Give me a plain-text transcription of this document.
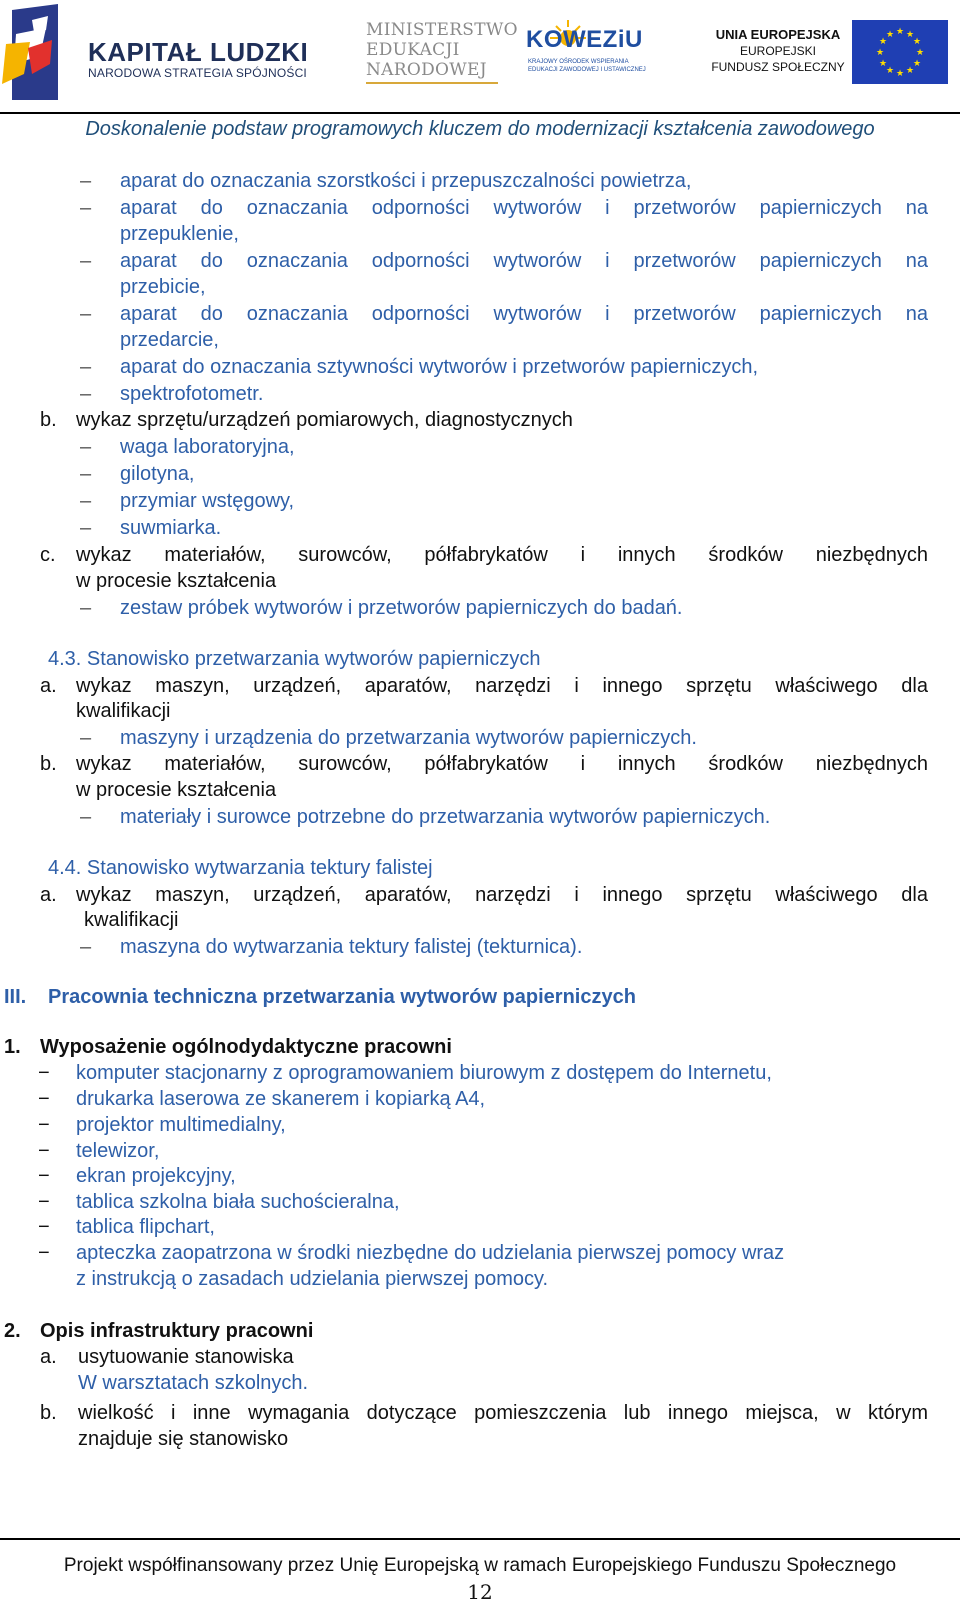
KAPITAŁ LUDZKI
NARODOWA STRATEGIA SPÓJNOŚCI
MINISTERSTWO
EDUKACJI
NARODOWEJ
KOWEZiU
KRAJOWY OŚRODEK WSPIERANIA EDUKACJI ZAWODOWEJ I USTAWICZNEJ
UNIA EUROPEJSKA
EUROPEJSKI
FUNDUSZ SPOŁECZNY
★ ★
★
★
★
★
★
★
★
★
★
★
Doskonalenie podstaw programowych kluczem do modernizacji kształcenia zawodowego
– aparat do oznaczania szorstkości i przepuszczalności powietrza,
– aparat do oznaczania odporności wytworów i przetworów papierniczych na
przepuklenie,
– aparat do oznaczania odporności wytworów i przetworów papierniczych na
przebicie,
– aparat do oznaczania odporności wytworów i przetworów papierniczych na
przedarcie,
– aparat do oznaczania sztywności wytworów i przetworów papierniczych,
– spektrofotometr.
b. wykaz sprzętu/urządzeń pomiarowych, diagnostycznych
– waga laboratoryjna,
– gilotyna,
– przymiar wstęgowy,
– suwmiarka.
c. wykaz materiałów, surowców, półfabrykatów i innych środków niezbędnych
w procesie kształcenia
– zestaw próbek wytworów i przetworów papierniczych do badań.
4.3. Stanowisko przetwarzania wytworów papierniczych
a. wykaz maszyn, urządzeń, aparatów, narzędzi i innego sprzętu właściwego dla
kwalifikacji
– maszyny i urządzenia do przetwarzania wytworów papierniczych.
b. wykaz materiałów, surowców, półfabrykatów i innych środków niezbędnych
w procesie kształcenia
– materiały i surowce potrzebne do przetwarzania wytworów papierniczych.
4.4. Stanowisko wytwarzania tektury falistej
a. wykaz maszyn, urządzeń, aparatów, narzędzi i innego sprzętu właściwego dla
kwalifikacji
– maszyna do wytwarzania tektury falistej (tekturnica).
III. Pracownia techniczna przetwarzania wytworów papierniczych
1. Wyposażenie ogólnodydaktyczne pracowni
− komputer stacjonarny z oprogramowaniem biurowym z dostępem do Internetu,
− drukarka laserowa ze skanerem i kopiarką A4,
− projektor multimedialny,
− telewizor,
− ekran projekcyjny,
− tablica szkolna biała suchościeralna,
− tablica flipchart,
− apteczka zaopatrzona w środki niezbędne do udzielania pierwszej pomocy wraz
z instrukcją o zasadach udzielania pierwszej pomocy.
2. Opis infrastruktury pracowni
a. usytuowanie stanowiska
W warsztatach szkolnych.
b. wielkość i inne wymagania dotyczące pomieszczenia lub innego miejsca, w którym
znajduje się stanowisko
Projekt współfinansowany przez Unię Europejską w ramach Europejskiego Funduszu Społecznego
12
